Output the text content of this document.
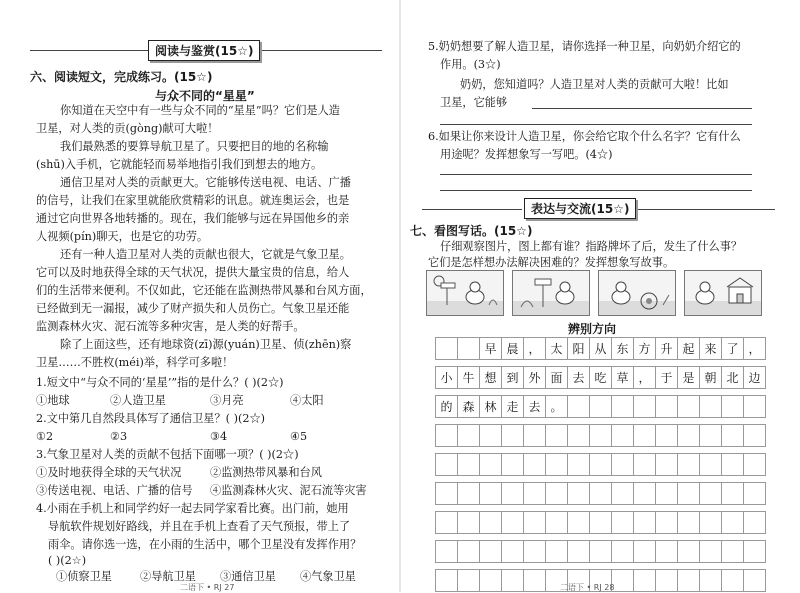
阅读与鉴赏(15☆)
六、阅读短文，完成练习。(15☆)
与众不同的“星星”
你知道在天空中有一些与众不同的“星星”吗？它们是人造
卫星，对人类的贡(gòng)献可大啦！
我们最熟悉的要算导航卫星了。只要把目的地的名称输
(shū)入手机，它就能轻而易举地指引我们到想去的地方。
通信卫星对人类的贡献更大。它能够传送电视、电话、广播
的信号，让我们在家里就能欣赏精彩的讯息。就连奥运会，也是
通过它向世界各地转播的。现在，我们能够与远在异国他乡的亲
人视频(pín)聊天，也是它的功劳。
还有一种人造卫星对人类的贡献也很大，它就是气象卫星。
它可以及时地获得全球的天气状况，提供大量宝贵的信息，给人
们的生活带来便利。不仅如此，它还能在监测热带风暴和台风方面，
已经做到无一漏报，减少了财产损失和人员伤亡。气象卫星还能
监测森林火灾、泥石流等多种灾害，是人类的好帮手。
除了上面这些，还有地球资(zī)源(yuán)卫星、侦(zhēn)察
卫星……不胜枚(méi)举，科学可多啦！
1.短文中“与众不同的‘星星’”指的是什么？( )(2☆)
①地球	②人造卫星	③月亮	④太阳
2.文中第几自然段具体写了通信卫星？( )(2☆)
①2	②3	③4	④5
3.气象卫星对人类的贡献不包括下面哪一项？( )(2☆)
①及时地获得全球的天气状况	②监测热带风暴和台风
③传送电视、电话、广播的信号 ④监测森林火灾、泥石流等灾害
4.小雨在手机上和同学约好一起去同学家看比赛。出门前，她用
导航软件规划好路线，并且在手机上查看了天气预报，带上了
雨伞。请你选一选，在小雨的生活中，哪个卫星没有发挥作用？
( )(2☆)
①侦察卫星	②导航卫星 ③通信卫星 ④气象卫星
二语下 • RJ 27
5.奶奶想要了解人造卫星，请你选择一种卫星，向奶奶介绍它的
作用。(3☆)
奶奶，您知道吗？人造卫星对人类的贡献可大啦！比如
卫星，它能够
6.如果让你来设计人造卫星，你会给它取个什么名字？它有什么
用途呢？发挥想象写一写吧。(4☆)
表达与交流(15☆)
七、看图写话。(15☆)
仔细观察图片，图上都有谁？指路牌坏了后，发生了什么事？
它们是怎样想办法解决困难的？发挥想象写故事。
辨别方向
		早	晨	，	太	阳	从	东	方	升	起	来	了	，

小	牛	想	到	外	面	去	吃	草	，	于	是	朝	北	边

的	森	林	走	去	。									

二语下 • RJ 28
